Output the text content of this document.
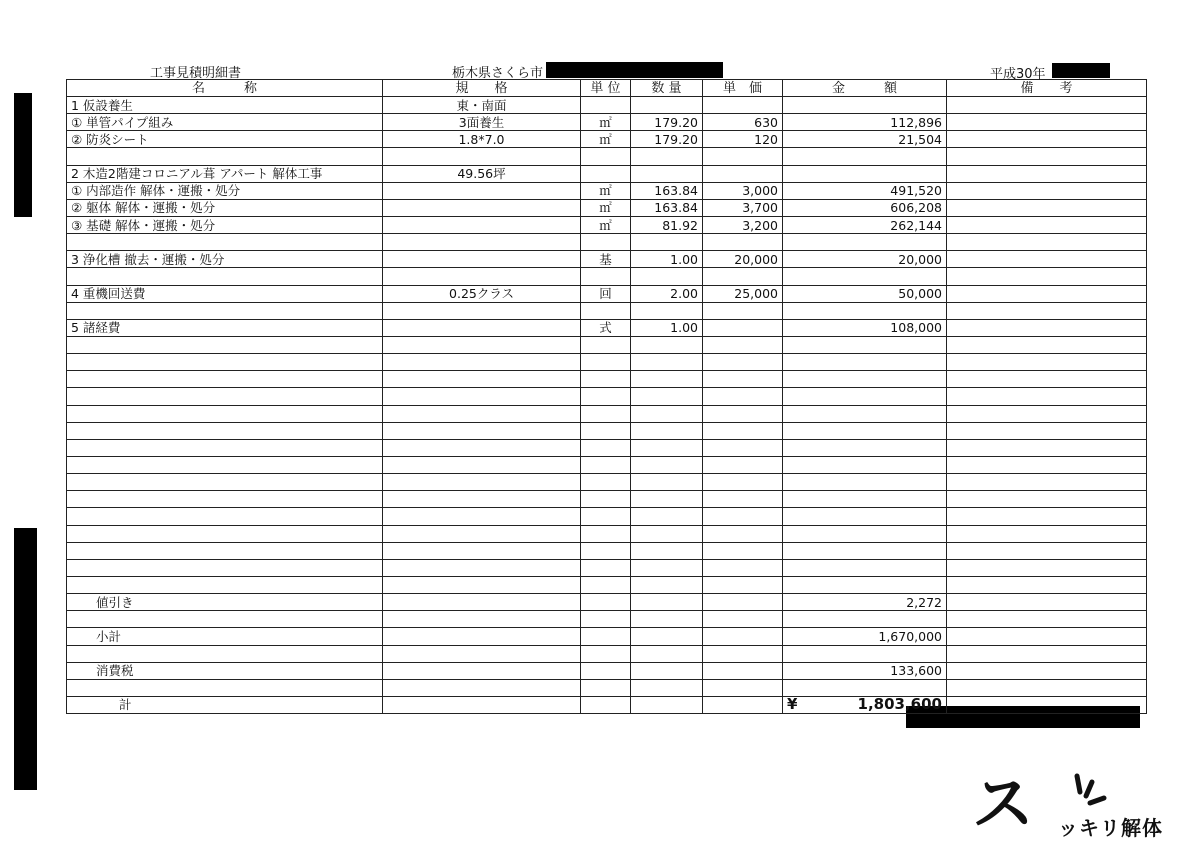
工事見積明細書	栃木県さくら市	平成30年
名　　　称	規　　格	単 位	数 量	単　価	金　　　額	備　　考
1 仮設養生	東・南面					
① 単管パイプ組み	3面養生	㎡	179.20	630	112,896	
② 防炎シート	1.8*7.0	㎡	179.20	120	21,504	

2 木造2階建コロニアル葺 アパート 解体工事	49.56坪					
① 内部造作 解体・運搬・処分		㎡	163.84	3,000	491,520	
② 躯体 解体・運搬・処分		㎡	163.84	3,700	606,208	
③ 基礎 解体・運搬・処分		㎡	81.92	3,200	262,144	

3 浄化槽 撤去・運搬・処分		基	1.00	20,000	20,000	

4 重機回送費	0.25クラス	回	2.00	25,000	50,000	

5 諸経費		式	1.00		108,000	

　　値引き					2,272	

　　小計					1,670,000	

　　消費税					133,600	

計					¥ 1,803,600	

ス ッキリ解体
